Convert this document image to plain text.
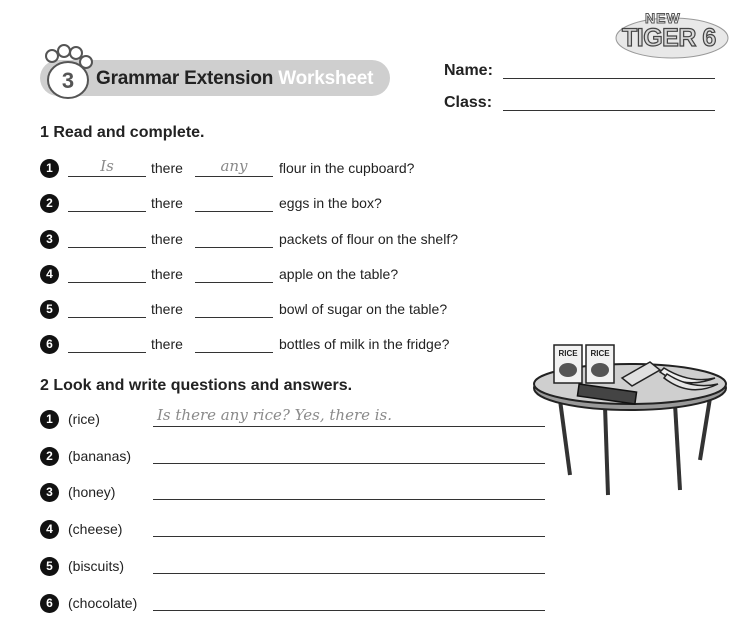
3 Grammar Extension Worksheet
NEW
TIGER 6
Name:
Class:
1 Read and complete.
1	Is	there	any	flour in the cupboard?
2	there	eggs in the box?
3	there	packets of flour on the shelf?
4	there	apple on the table?
5	there	bowl of sugar on the table?
6	there	bottles of milk in the fridge?
2 Look and write questions and answers.
1	(rice)	Is there any rice? Yes, there is.
2	(bananas)
3	(honey)
4	(cheese)
5	(biscuits)
6	(chocolate)
RICE RICE
